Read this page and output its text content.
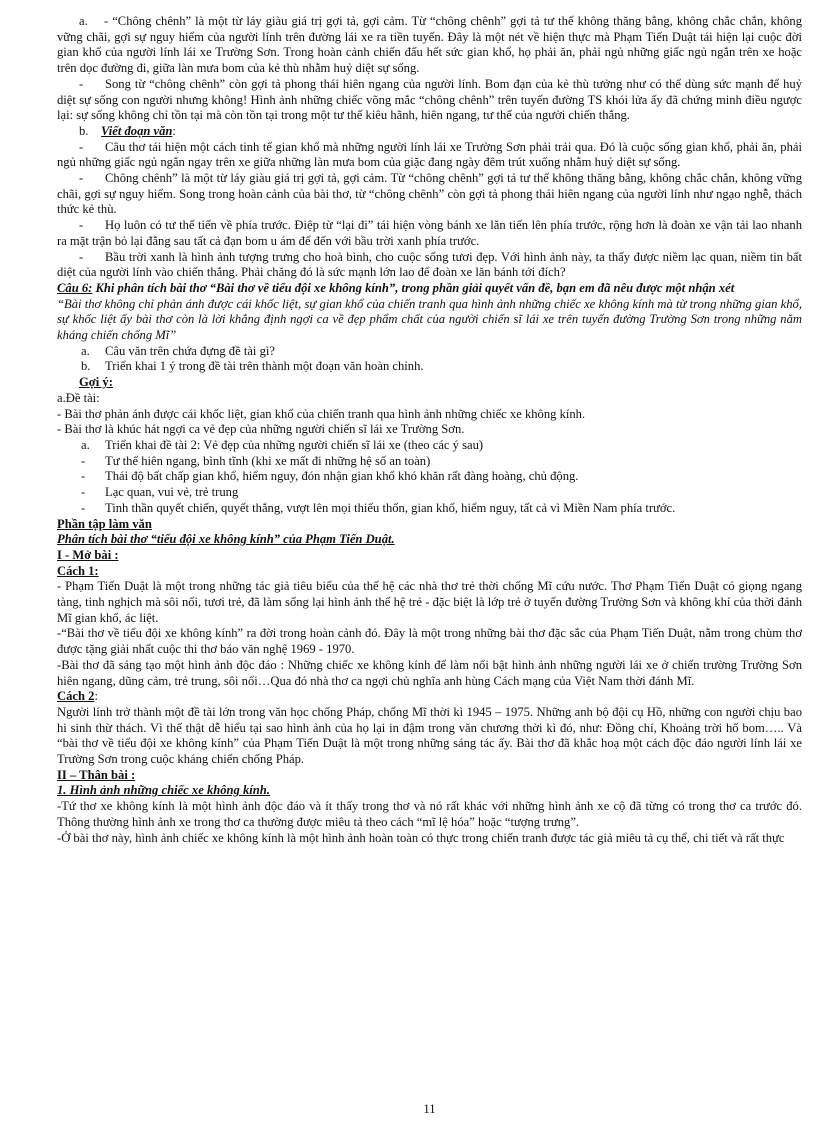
a. - “Chông chênh” là một từ láy giàu giá trị gợi tả, gợi cảm. Từ “chông chênh” gợi tả tư thế không thăng bằng, không chắc chắn, không vững chãi, gợi sự nguy hiểm của người lính trên đường lái xe ra tiền tuyến. Đây là một nét về hiện thực mà Phạm Tiến Duật tái hiện lại cuộc đời gian khổ của người lính lái xe Trường Sơn. Trong hoàn cảnh chiến đấu hết sức gian khổ, họ phải ăn, phải ngủ những giấc ngủ ngắn trên xe hoặc trên dọc đường đi, giữa làn mưa bom của kẻ thù nhằm huỷ diệt sự sống.

- Song từ “chông chênh” còn gợi tả phong thái hiên ngang của người lính. Bom đạn của kẻ thù tưởng như có thể dùng sức mạnh để huỷ diệt sự sống con người nhưng không! Hình ảnh những chiếc võng mắc “chông chênh” trên tuyến đường TS khói lửa ấy đã chứng minh điều ngược lại: sự sống không chỉ tồn tại mà còn tồn tại trong một tư thế kiêu hãnh, hiên ngang, tư thế của người chiến thắng.

b. Viết đoạn văn:

- Câu thơ tái hiện một cách tinh tế gian khổ mà những người lính lái xe Trường Sơn phải trải qua. Đó là cuộc sống gian khổ, phải ăn, phải ngủ những giấc ngủ ngắn ngay trên xe giữa những làn mưa bom của giặc đang ngày đêm trút xuống nhằm huỷ diệt sự sống.

- Chông chênh” là một từ láy giàu giá trị gợi tả, gợi cảm. Từ “chông chênh” gợi tả tư thế không thăng bằng, không chắc chắn, không vững chãi, gợi sự nguy hiểm. Song trong hoàn cảnh của bài thơ, từ “chông chênh” còn gợi tả phong thái hiên ngang của người lính như ngạo nghễ, thách thức kẻ thù.

- Họ luôn có tư thế tiến về phía trước. Điệp từ “lại đi” tái hiện vòng bánh xe lăn tiến lên phía trước, rộng hơn là đoàn xe vận tải lao nhanh ra mặt trận bỏ lại đằng sau tất cả đạn bom u ám để đến với bầu trời xanh phía trước.

- Bầu trời xanh là hình ảnh tượng trưng cho hoà bình, cho cuộc sống tươi đẹp. Với hình ảnh này, ta thấy được niềm lạc quan, niềm tin bất diệt của người lính vào chiến thắng. Phải chăng đó là sức mạnh lớn lao để đoàn xe lăn bánh tới đích?

Câu 6: Khi phân tích bài thơ “Bài thơ về tiểu đội xe không kính”, trong phần giải quyết vấn đề, bạn em đã nêu được một nhận xét

“Bài thơ không chỉ phản ánh được cái khốc liệt, sự gian khổ của chiến tranh qua hình ảnh những chiếc xe không kính mà từ trong những gian khổ, sự khốc liệt ấy bài thơ còn là lời khẳng định ngợi ca về đẹp phẩm chất của người chiến sĩ lái xe trên tuyến đường Trường Sơn trong những năm kháng chiến chống Mĩ”

a. Câu văn trên chứa đựng đề tài gì?

b. Triển khai 1 ý trong đề tài trên thành một đoạn văn hoàn chỉnh.

Gợi ý:

a.Đề tài:

- Bài thơ phản ánh được cái khốc liệt, gian khổ của chiến tranh qua hình ảnh những chiếc xe không kính.

- Bài thơ là khúc hát ngợi ca vẻ đẹp của những người chiến sĩ lái xe Trường Sơn.

a. Triển khai đề tài 2: Vẻ đẹp của những người chiến sĩ lái xe (theo các ý sau)

- Tư thế hiên ngang, bình tĩnh (khi xe mất đi những hệ số an toàn)

- Thái độ bất chấp gian khổ, hiểm nguy, đón nhận gian khổ khó khăn rất đàng hoàng, chủ động.

- Lạc quan, vui vẻ, trẻ trung

- Tinh thần quyết chiến, quyết thắng, vượt lên mọi thiếu thốn, gian khổ, hiểm nguy, tất cả vì Miền Nam phía trước.

Phần tập làm văn

Phân tích bài thơ “tiểu đội xe không kính” của Phạm Tiến Duật.

I - Mở bài :

Cách 1:

- Phạm Tiến Duật là một trong những tác giả tiêu biểu của thế hệ các nhà thơ trẻ thời chống Mĩ cứu nước. Thơ Phạm Tiến Duật có giọng ngang tàng, tinh nghịch mà sôi nổi, tươi trẻ, đã làm sống lại hình ảnh thế hệ trẻ - đặc biệt là lớp trẻ ở tuyến đường Trường Sơn và không khí của thời đánh Mĩ gian khổ, ác liệt.

-“Bài thơ về tiểu đội xe không kính” ra đời trong hoàn cảnh đó. Đây là một trong những bài thơ đặc sắc của Phạm Tiến Duật, nằm trong chùm thơ được tặng giải nhất cuộc thi thơ báo văn nghệ 1969 - 1970.

-Bài thơ đã sáng tạo một hình ảnh độc đáo : Những chiếc xe không kính để làm nổi bật hình ảnh những người lái xe ở chiến trường Trường Sơn hiên ngang, dũng cảm, trẻ trung, sôi nổi…Qua đó nhà thơ ca ngợi chủ nghĩa anh hùng Cách mạng của Việt Nam thời đánh Mĩ.

Cách 2:

Người lính trở thành một đề tài lớn trong văn học chống Pháp, chống Mĩ thời kì 1945 – 1975. Những anh bộ đội cụ Hồ, những con người chịu bao hi sinh thừ thách. Vì thế thật dễ hiểu tại sao hình ảnh của họ lại in đậm trong văn chương thời kì đó, như: Đồng chí, Khoảng trời hố bom….. Và “bài thơ về tiểu đội xe không kính” của Phạm Tiến Duật là một trong những sáng tác ấy. Bài thơ đã khắc hoạ một cách độc đáo người lính lái xe Trường Sơn trong cuộc kháng chiến chống Pháp.

II – Thân bài :

1. Hình ảnh những chiếc xe không kính.

-Tứ thơ xe không kính là một hình ảnh độc đáo và ít thấy trong thơ và nó rất khác với những hình ảnh xe cộ đã từng có trong thơ ca trước đó. Thông thường hình ảnh xe trong thơ ca thường được miêu tả theo cách “mĩ lệ hóa” hoặc “tượng trưng”.

-Ở bài thơ này, hình ảnh chiếc xe không kính là một hình ảnh hoàn toàn có thực trong chiến tranh được tác giả miêu tả cụ thể, chi tiết và rất thực

11
